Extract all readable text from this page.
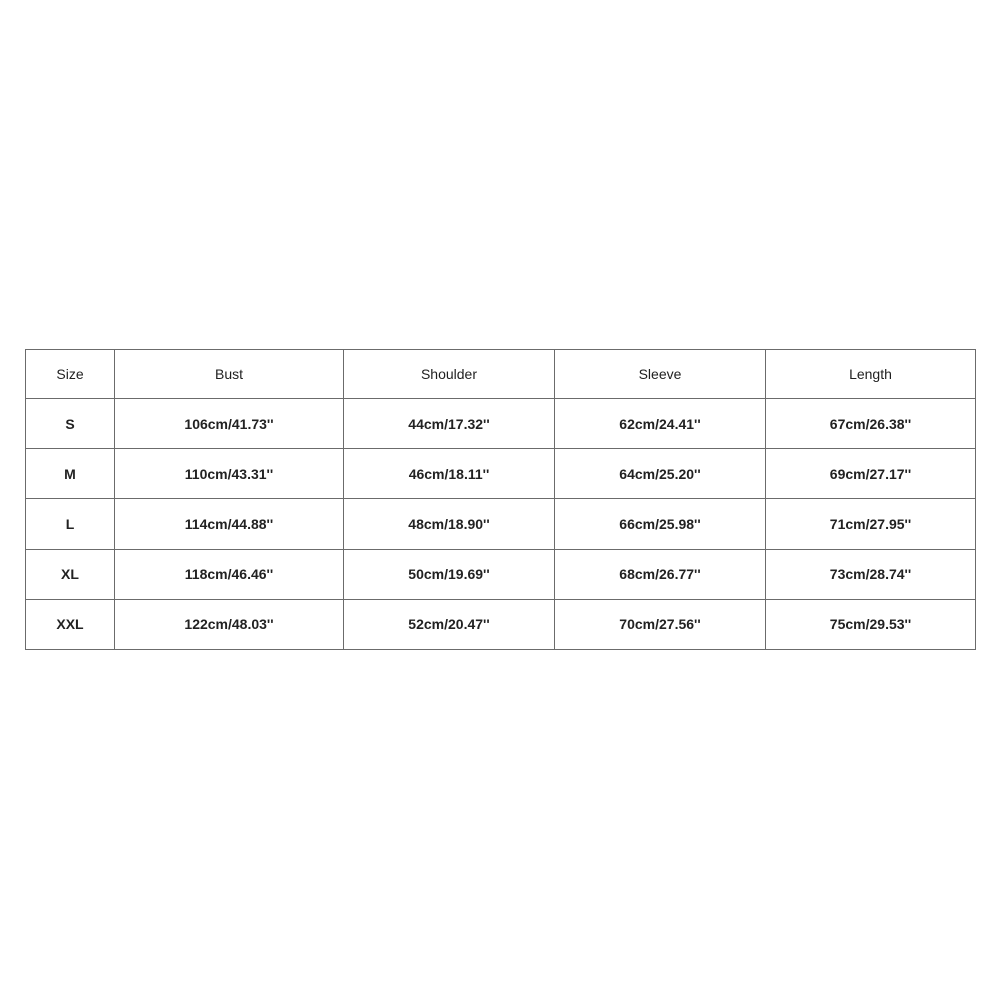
Size	Bust	Shoulder	Sleeve	Length
S	106cm/41.73''	44cm/17.32''	62cm/24.41''	67cm/26.38''
M	110cm/43.31''	46cm/18.11''	64cm/25.20''	69cm/27.17''
L	114cm/44.88''	48cm/18.90''	66cm/25.98''	71cm/27.95''
XL	118cm/46.46''	50cm/19.69''	68cm/26.77''	73cm/28.74''
XXL	122cm/48.03''	52cm/20.47''	70cm/27.56''	75cm/29.53''
